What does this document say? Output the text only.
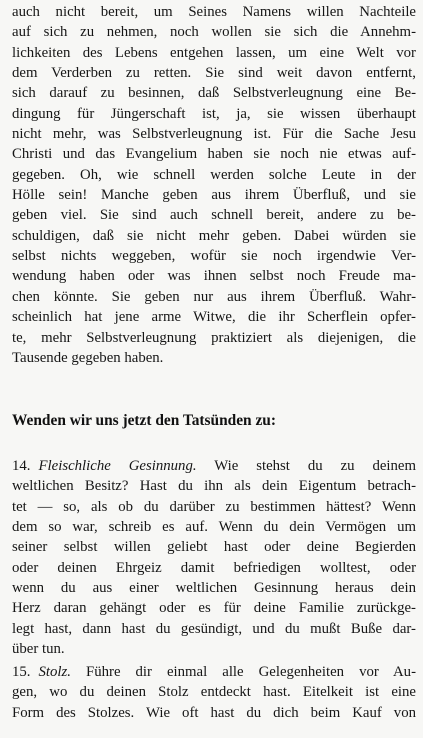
auch nicht bereit, um Seines Namens willen Nachteile
auf sich zu nehmen, noch wollen sie sich die Annehm-
lichkeiten des Lebens entgehen lassen, um eine Welt vor
dem Verderben zu retten. Sie sind weit davon entfernt,
sich darauf zu besinnen, daß Selbstverleugnung eine Be-
dingung für Jüngerschaft ist, ja, sie wissen überhaupt
nicht mehr, was Selbstverleugnung ist. Für die Sache Jesu
Christi und das Evangelium haben sie noch nie etwas auf-
gegeben. Oh, wie schnell werden solche Leute in der
Hölle sein! Manche geben aus ihrem Überfluß, und sie
geben viel. Sie sind auch schnell bereit, andere zu be-
schuldigen, daß sie nicht mehr geben. Dabei würden sie
selbst nichts weggeben, wofür sie noch irgendwie Ver-
wendung haben oder was ihnen selbst noch Freude ma-
chen könnte. Sie geben nur aus ihrem Überfluß. Wahr-
scheinlich hat jene arme Witwe, die ihr Scherflein opfer-
te, mehr Selbstverleugnung praktiziert als diejenigen, die
Tausende gegeben haben.
Wenden wir uns jetzt den Tatsünden zu:
14. Fleischliche Gesinnung. Wie stehst du zu deinem
weltlichen Besitz? Hast du ihn als dein Eigentum betrach-
tet — so, als ob du darüber zu bestimmen hättest? Wenn
dem so war, schreib es auf. Wenn du dein Vermögen um
seiner selbst willen geliebt hast oder deine Begierden
oder deinen Ehrgeiz damit befriedigen wolltest, oder
wenn du aus einer weltlichen Gesinnung heraus dein
Herz daran gehängt oder es für deine Familie zurückge-
legt hast, dann hast du gesündigt, und du mußt Buße dar-
über tun.
15. Stolz. Führe dir einmal alle Gelegenheiten vor Au-
gen, wo du deinen Stolz entdeckt hast. Eitelkeit ist eine
Form des Stolzes. Wie oft hast du dich beim Kauf von
